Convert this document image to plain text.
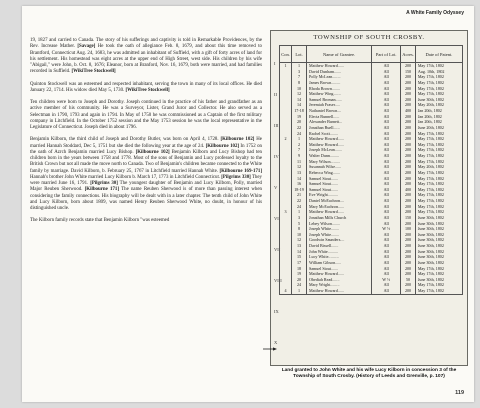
A White Family Odyssey

19, 1827 and carried to Canada. The story of his sufferings and captivity is told in Remarkable Providences, by the Rev. Increase Mather. [Savage] He took the oath of allegiance Feb. 8, 1679, and about this time removed to Brantford, Connecticut Aug. 24, 1683, he was admitted an inhabitant of Suffield, with a gift of forty acres of land for his settlement. His homestead was eight acres at the upper end of High Street, west side. His children by his wife "Abigail," were John, b. Oct. 8, 1676; Eleanor, born at Branford, Nov. 16, 1679, both were married, and had families recorded in Suffield. [WikiTree Stockwell]

Quinton Stockwell was an esteemed and respected inhabitant, serving the town in many of its local offices. He died January 22, 1714. His widow died May 5, 1730. [WikiTree Stockwell]

Ten children were born to Joseph and Dorothy. Joseph continued in the practice of his father and grandfather as an active member of his community. He was a Surveyor, Lister, Grand Juror and Collector. He also served as a Selectman in 1790, 1793 and again in 1794. In May of 1750 he was commissioned as a Captain of the first military company in Litchfield. In the October 1752 session and the May 1753 session he was the local representative in the Legislature of Connecticut. Joseph died in about 1796.

Benjamin Kilborn, the third child of Joseph and Dorothy Butler, was born on April 4, 1728. [Kilbourne 102] He married Hannah Stoddard, Dec 5, 1751 but she died the following year at the age of 24. [Kilbourne 102] In 1752 on the oath of Azrch Benjamin married Lucy Bishop. [Kilbourne 102] Benjamin Kilborn and Lucy Bishop had ten children born in the years between 1758 and 1778. Most of the sons of Benjamin and Lucy professed loyalty to the British Crown but not all made the move north to Canada. Two of Benjamin's children became connected to the White family by marriage. David Kilborn, b. February 25, 1767 in Litchfield married Hannah White. [Kilbourne 169-171] Hannah's brother John White married Lucy Kilborn b. March 17, 1773 in Litchfield Connecticut. [Pilgrims 330] They were married June 16, 1791. [Pilgrims 30] The youngest daughter of Benjamin and Lucy Kilborn, Polly, married Major Reuben Sherwood. [Kilbourne 171] The name Reuben Sherwood is of more than passing interest when considering the family connections. His biography will be dealt with in a later chapter. The tenth child of John White and Lucy Kilborn, born about 1809, was named Henry Reuben Sherwood White, no doubt, in honour of his distinguished uncle.

The Kilborn family records state that Benjamin Kilborn "was esteemed

TOWNSHIP OF SOUTH CROSBY.
I
II
III
IV
V
VI
VII
VIII
IX
X
Con.	Lot.	Name of Grantee.	Part of Lot.	Acres.	Date of Patent.
1	1	Matthew Howard......	All	200	May 17th, 1802
	3	David Dunham.......	All	150	Aug. 10th, 1802
	7	Polly McLean........	All	200	May 17th, 1802
	8	James Brown.........	All	200	May 17th, 1802
	10	Rhoda Brown........	All	200	May 17th, 1802
	12	Matthew Wing.......	All	200	May 17th, 1802
	14	Samuel Broman......	All	200	June 30th, 1802
	14	Jeremiah Fraser.....	All	200	May 20th, 1802
	17-18	Nathaniel Brown....	All	400	Jan 20th, 1802
	19	Electa Bunnell......	All	200	Jan 20th, 1802
	20	Alexander Barnett...	All	200	Jan 20th, 1802
	22	Jonathan Buell......	All	200	June 20th, 1802
	24	Rachel Scott........	All	200	May 17th, 1802
2	1	Matthew Howard......	All	200	May 17th, 1802
	2	Matthew Howard......	All	200	May 17th, 1802
	7	Joseph McLean.......	All	200	May 17th, 1802
	9	Walter Dunn.........	All	200	May 17th, 1802
	11	Mary Wilson.........	All	200	May 17th, 1802
	12	Susannah Wilse......	All	200	May 20th, 1802
	13	Rebecca Wing.......	All	200	May 17th, 1802
	14	Samuel Stout.......	All	200	May 17th, 1802
	16	Samuel Stout.......	All	200	May 17th, 1802
	18-19	Samuel Stout.......	All	400	May 17th, 1802
	21	Eve Wright..........	All	200	May 17th, 1802
	22	Daniel McEachron....	All	200	May 17th, 1802
	24	Mary McEachron......	All	200	May 17th, 1802
3	1	Matthew Howard......	All	200	May 17th, 1802
	3	Jonathan Mills Church	All	150	June 30th, 1802
	5	Lebey Wilson........	All	200	June 30th, 1802
	8	Joseph White........	W ½	100	June 30th, 1802
	10	Joseph White........	All	200	June 30th, 1802
	12	Goodwin Saunders....	All	200	June 30th, 1802
	13	David Bissell.......	All	200	June 30th, 1802
	14	John White..........	All	200	June 30th, 1802
	15	Lucy White..........	All	200	June 30th, 1802
	17	William Gibson......	All	200	June 30th, 1802
	18	Samuel Stout.......	All	200	May 17th, 1802
	19	Matthew Howard......	All	200	May 17th, 1802
	20	Obediah Read.......	W ½	50	June 30th, 1802
	24	Mary Wright.........	All	200	May 17th, 1802
4	1	Matthew Howard......	All	200	May 17th, 1802
Land granted to John White and his wife Lucy Kilborn in concession 3 of the Township of South Crosby. (History of Leeds and Grenville, p. 107)
119
